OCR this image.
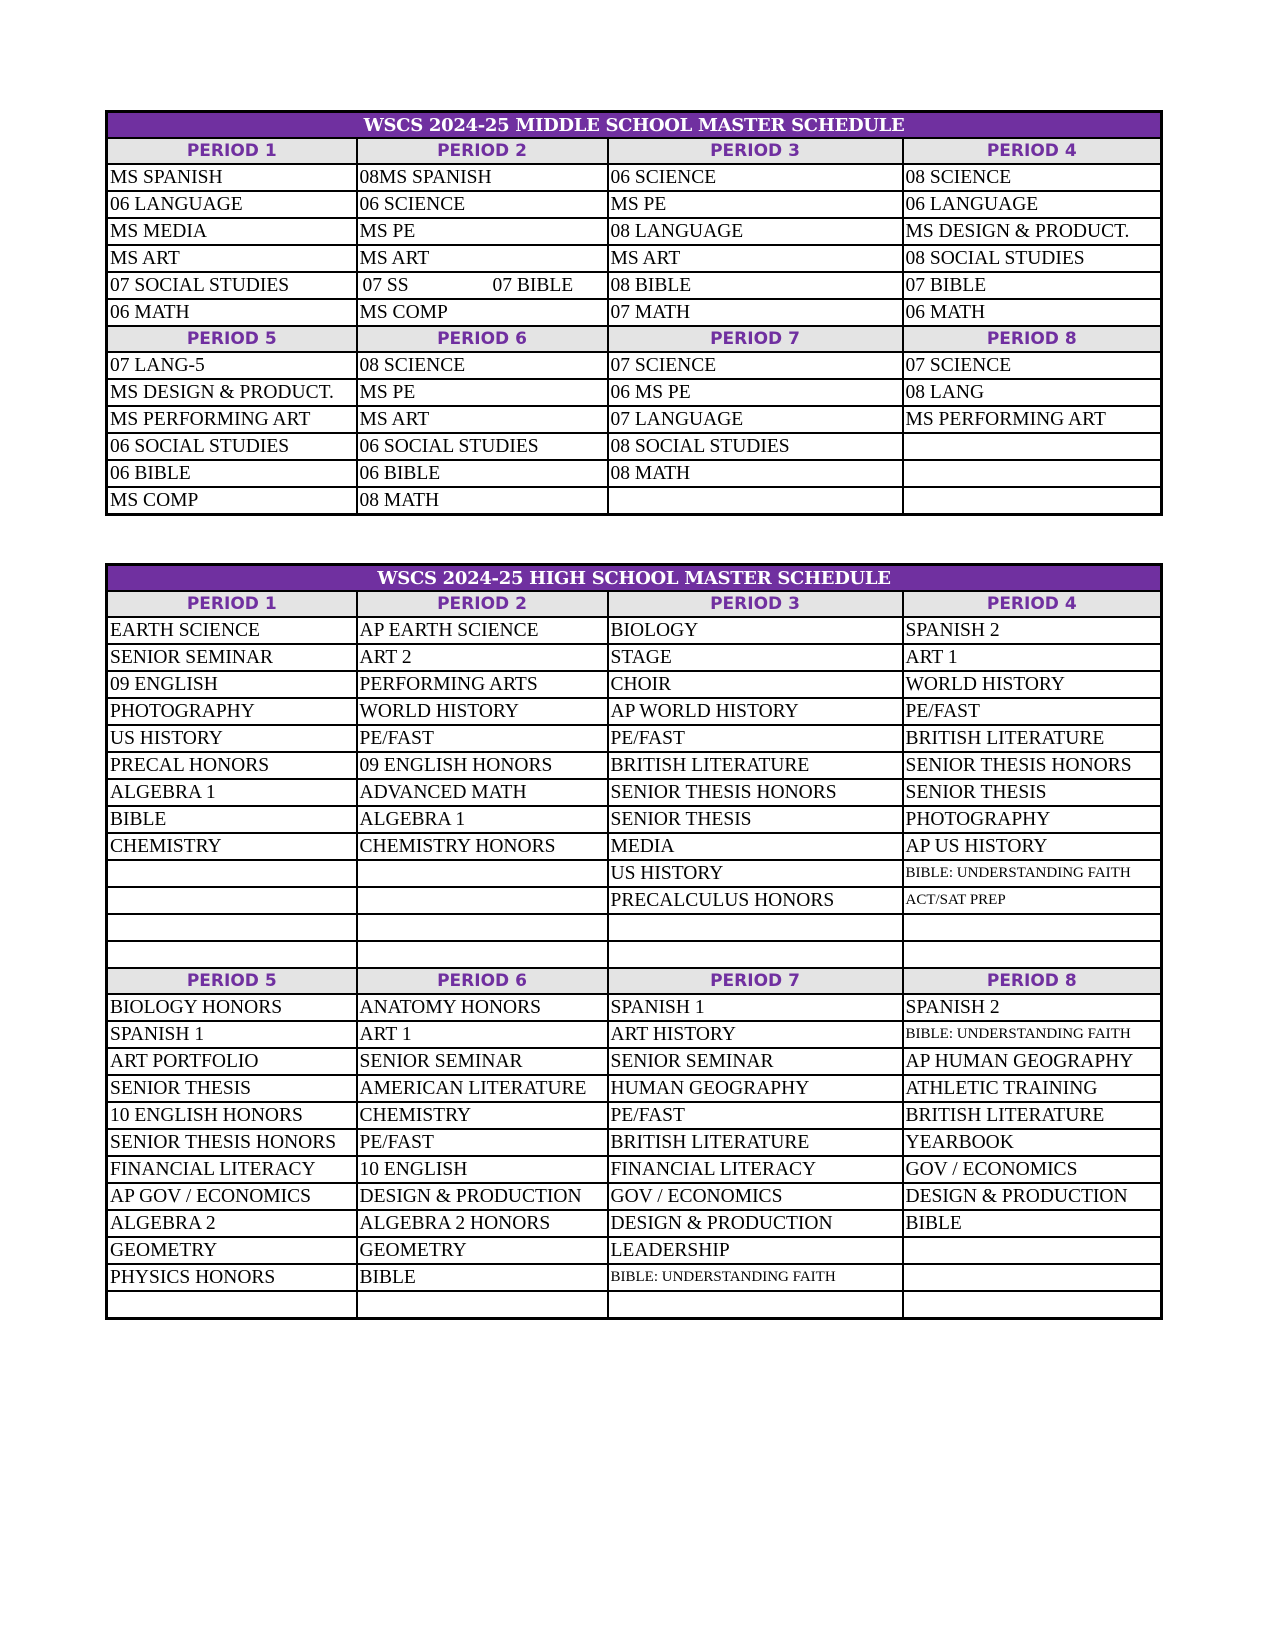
WSCS 2024-25 MIDDLE SCHOOL MASTER SCHEDULE			
PERIOD 1	PERIOD 2	PERIOD 3	PERIOD 4

MS SPANISH	08MS SPANISH	06 SCIENCE	08 SCIENCE

06 LANGUAGE	06 SCIENCE	MS PE	06 LANGUAGE

MS MEDIA	MS PE	08 LANGUAGE	MS DESIGN & PRODUCT.

MS ART	MS ART	MS ART	08 SOCIAL STUDIES

07 SOCIAL STUDIES	07 SS 07 BIBLE	08 BIBLE	07 BIBLE

06 MATH	MS COMP	07 MATH	06 MATH

PERIOD 5	PERIOD 6	PERIOD 7	PERIOD 8

07 LANG-5	08 SCIENCE	07 SCIENCE	07 SCIENCE

MS DESIGN & PRODUCT.	MS PE	06 MS PE	08 LANG

MS PERFORMING ART	MS ART	07 LANGUAGE	MS PERFORMING ART

06 SOCIAL STUDIES	06 SOCIAL STUDIES	08 SOCIAL STUDIES	

06 BIBLE	06 BIBLE	08 MATH	

MS COMP	08 MATH		

WSCS 2024-25 HIGH SCHOOL MASTER SCHEDULE			
PERIOD 1	PERIOD 2	PERIOD 3	PERIOD 4

EARTH SCIENCE	AP EARTH SCIENCE	BIOLOGY	SPANISH 2

SENIOR SEMINAR	ART 2	STAGE	ART 1

09 ENGLISH	PERFORMING ARTS	CHOIR	WORLD HISTORY

PHOTOGRAPHY	WORLD HISTORY	AP WORLD HISTORY	PE/FAST

US HISTORY	PE/FAST	PE/FAST	BRITISH LITERATURE

PRECAL HONORS	09 ENGLISH HONORS	BRITISH LITERATURE	SENIOR THESIS HONORS

ALGEBRA 1	ADVANCED MATH	SENIOR THESIS HONORS	SENIOR THESIS

BIBLE	ALGEBRA 1	SENIOR THESIS	PHOTOGRAPHY

CHEMISTRY	CHEMISTRY HONORS	MEDIA	AP US HISTORY

		US HISTORY	BIBLE: UNDERSTANDING FAITH

		PRECALCULUS HONORS	ACT/SAT PREP

PERIOD 5	PERIOD 6	PERIOD 7	PERIOD 8

BIOLOGY HONORS	ANATOMY HONORS	SPANISH 1	SPANISH 2

SPANISH 1	ART 1	ART HISTORY	BIBLE: UNDERSTANDING FAITH

ART PORTFOLIO	SENIOR SEMINAR	SENIOR SEMINAR	AP HUMAN GEOGRAPHY

SENIOR THESIS	AMERICAN LITERATURE	HUMAN GEOGRAPHY	ATHLETIC TRAINING

10 ENGLISH HONORS	CHEMISTRY	PE/FAST	BRITISH LITERATURE

SENIOR THESIS HONORS	PE/FAST	BRITISH LITERATURE	YEARBOOK

FINANCIAL LITERACY	10 ENGLISH	FINANCIAL LITERACY	GOV / ECONOMICS

AP GOV / ECONOMICS	DESIGN & PRODUCTION	GOV / ECONOMICS	DESIGN & PRODUCTION

ALGEBRA 2	ALGEBRA 2 HONORS	DESIGN & PRODUCTION	BIBLE

GEOMETRY	GEOMETRY	LEADERSHIP	

PHYSICS HONORS	BIBLE	BIBLE: UNDERSTANDING FAITH	
